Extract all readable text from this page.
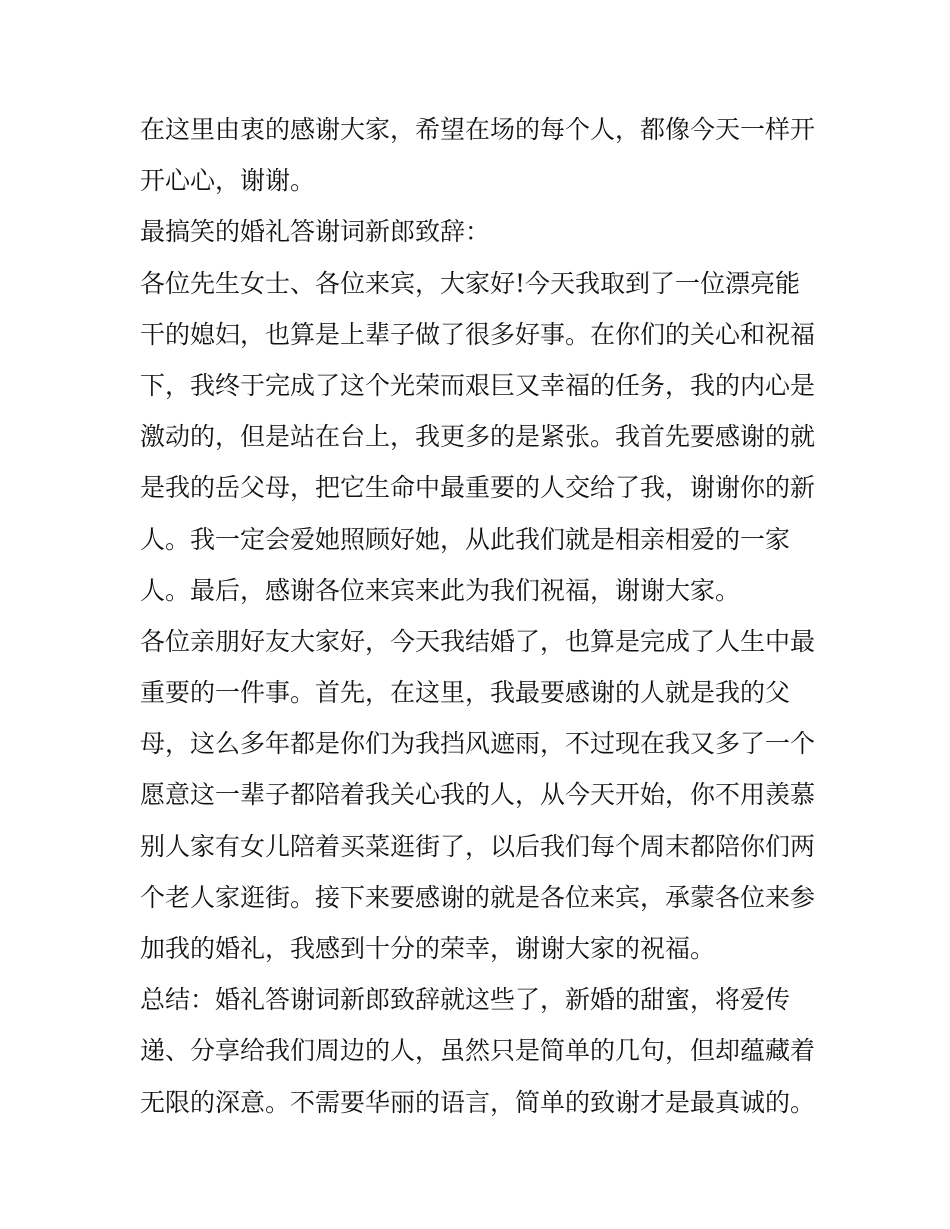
在这里由衷的感谢大家，希望在场的每个人，都像今天一样开
开心心，谢谢。
最搞笑的婚礼答谢词新郎致辞：
各位先生女士、各位来宾，大家好!今天我取到了一位漂亮能
干的媳妇，也算是上辈子做了很多好事。在你们的关心和祝福
下，我终于完成了这个光荣而艰巨又幸福的任务，我的内心是
激动的，但是站在台上，我更多的是紧张。我首先要感谢的就
是我的岳父母，把它生命中最重要的人交给了我，谢谢你的新
人。我一定会爱她照顾好她，从此我们就是相亲相爱的一家
人。最后，感谢各位来宾来此为我们祝福，谢谢大家。
各位亲朋好友大家好，今天我结婚了，也算是完成了人生中最
重要的一件事。首先，在这里，我最要感谢的人就是我的父
母，这么多年都是你们为我挡风遮雨，不过现在我又多了一个
愿意这一辈子都陪着我关心我的人，从今天开始，你不用羡慕
别人家有女儿陪着买菜逛街了，以后我们每个周末都陪你们两
个老人家逛街。接下来要感谢的就是各位来宾，承蒙各位来参
加我的婚礼，我感到十分的荣幸，谢谢大家的祝福。
总结：婚礼答谢词新郎致辞就这些了，新婚的甜蜜，将爱传
递、分享给我们周边的人，虽然只是简单的几句，但却蕴藏着
无限的深意。不需要华丽的语言，简单的致谢才是最真诚的。
